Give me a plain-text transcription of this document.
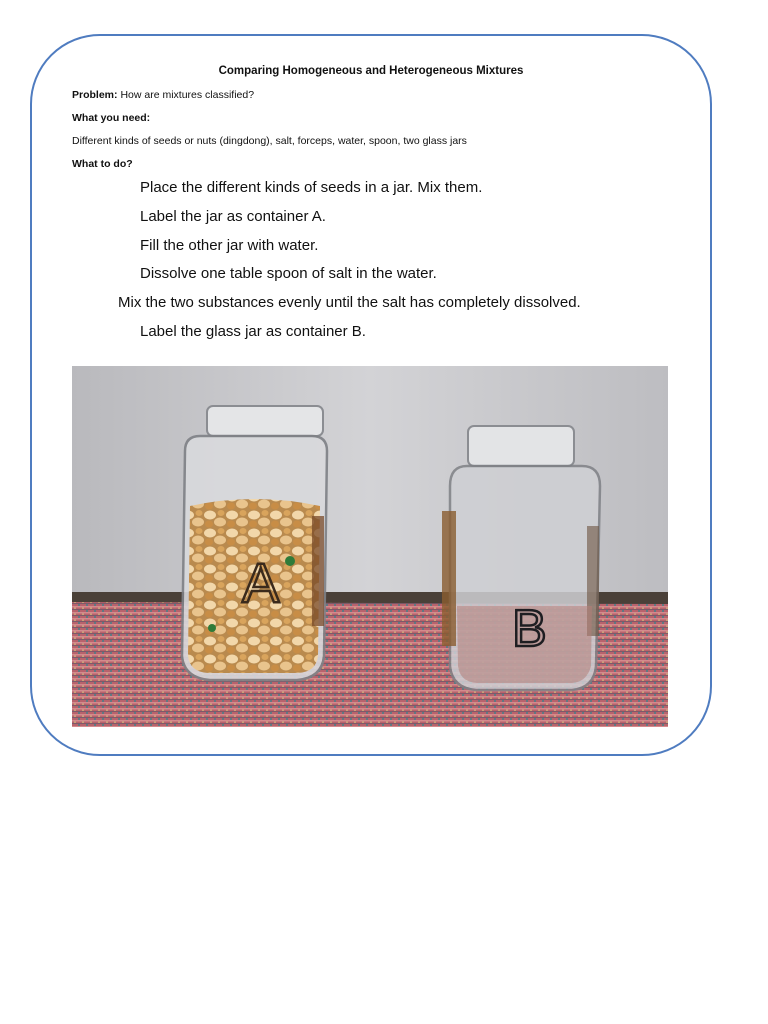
Comparing Homogeneous and Heterogeneous Mixtures
Problem: How are mixtures classified?
What you need:
Different kinds of seeds or nuts (dingdong), salt, forceps, water, spoon, two glass jars
What to do?
Place the different kinds of seeds in a jar. Mix them.
Label the jar as container A.
Fill the other jar with water.
Dissolve one table spoon of salt in the water.
Mix the two substances evenly until the salt has completely dissolved.
Label the glass jar as container B.
A
B
